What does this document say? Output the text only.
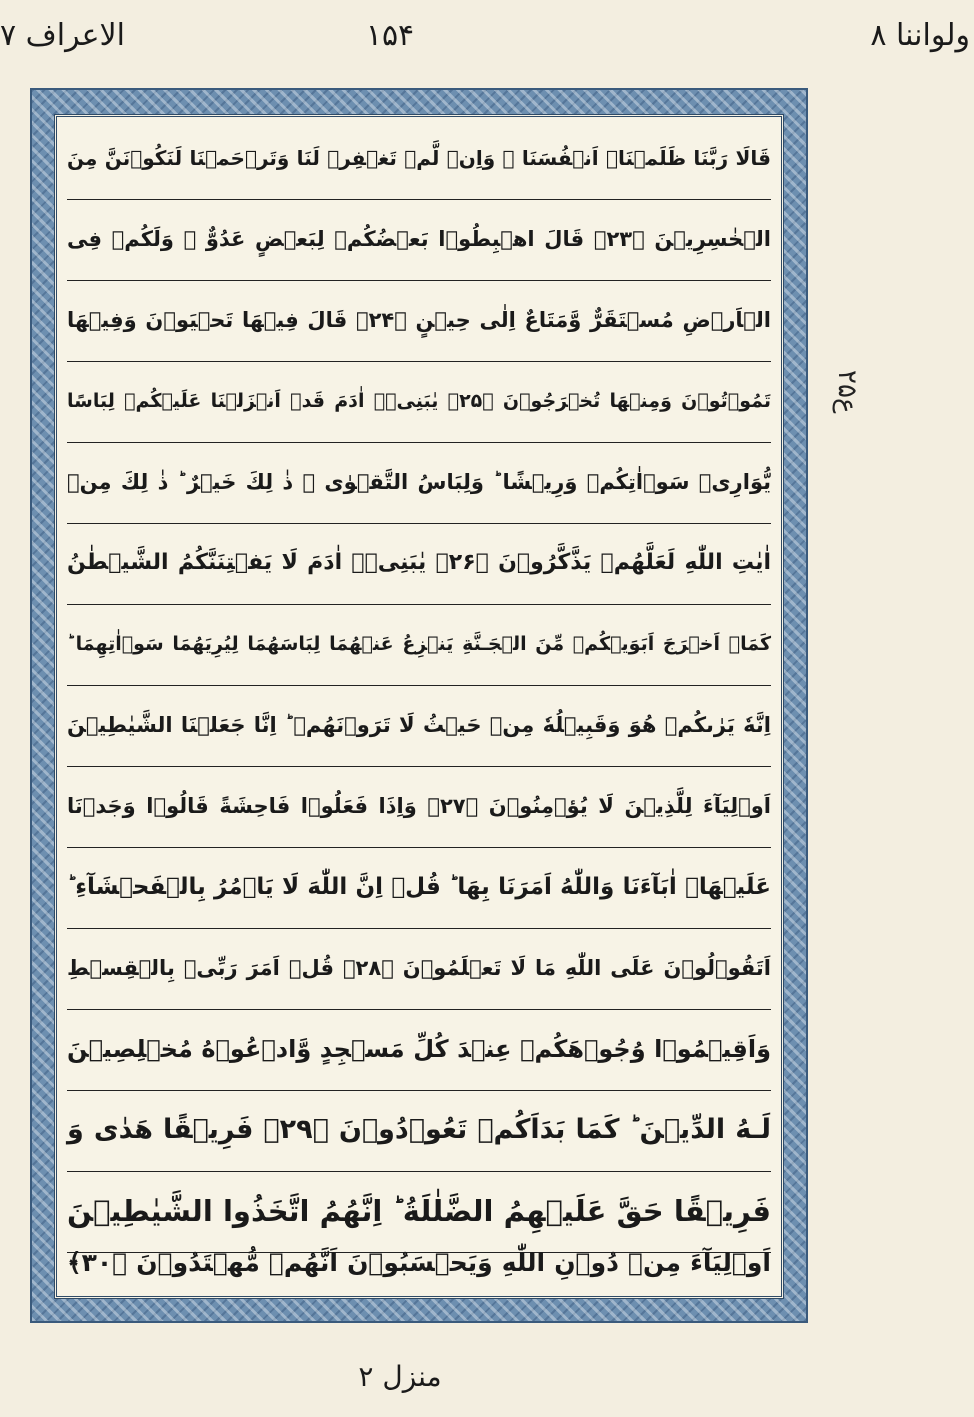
ولواننا ۸
۱۵۴
الاعراف ۷
قَالَا رَبَّنَا ظَلَمۡنَاۤ اَنۡفُسَنَا ٜ وَاِنۡ لَّمۡ تَغۡفِرۡ لَنَا وَتَرۡحَمۡنَا لَنَكُوۡنَنَّ مِنَ
الۡخٰسِرِيۡنَ ﴿۲۳﴾ قَالَ اهۡبِطُوۡا بَعۡضُكُمۡ لِبَعۡضٍ عَدُوٌّ ۚ وَلَكُمۡ فِى
الۡاَرۡضِ مُسۡتَقَرٌّ وَّمَتَاعٌ اِلٰى حِيۡنٍ ﴿۲۴﴾ قَالَ فِيۡهَا تَحۡيَوۡنَ وَفِيۡهَا
تَمُوۡتُوۡنَ وَمِنۡهَا تُخۡرَجُوۡنَ ﴿۲۵﴾ يٰبَنِىۡۤ اٰدَمَ قَدۡ اَنۡزَلۡنَا عَلَيۡكُمۡ لِبَاسًا
يُّوَارِىۡ سَوۡاٰتِكُمۡ وَرِيۡشًا ؕ وَلِبَاسُ التَّقۡوٰى ۙ ذٰ لِكَ خَيۡرٌ ؕ ذٰ لِكَ مِنۡ
اٰيٰتِ اللّٰهِ لَعَلَّهُمۡ يَذَّكَّرُوۡنَ ﴿۲۶﴾ يٰبَنِىۡۤ اٰدَمَ لَا يَفۡتِنَنَّكُمُ الشَّيۡطٰنُ
كَمَاۤ اَخۡرَجَ اَبَوَيۡكُمۡ مِّنَ الۡجَـنَّةِ يَنۡزِعُ عَنۡهُمَا لِبَاسَهُمَا لِيُرِيَهُمَا سَوۡاٰتِهِمَا ؕ
اِنَّهٗ يَرٰٮكُمۡ هُوَ وَقَبِيۡلُهٗ مِنۡ حَيۡثُ لَا تَرَوۡنَهُمۡ ؕ اِنَّا جَعَلۡنَا الشَّيٰطِيۡنَ
اَوۡلِيَآءَ لِلَّذِيۡنَ لَا يُؤۡمِنُوۡنَ ﴿۲۷﴾ وَاِذَا فَعَلُوۡا فَاحِشَةً قَالُوۡا وَجَدۡنَا
عَلَيۡهَاۤ اٰبَآءَنَا وَاللّٰهُ اَمَرَنَا بِهَا ؕ قُلۡ اِنَّ اللّٰهَ لَا يَاۡمُرُ بِالۡفَحۡشَآءِ ؕ
اَتَقُوۡلُوۡنَ عَلَى اللّٰهِ مَا لَا تَعۡلَمُوۡنَ ﴿۲۸﴾ قُلۡ اَمَرَ رَبِّىۡ بِالۡقِسۡطِ
وَاَقِيۡمُوۡا وُجُوۡهَكُمۡ عِنۡدَ كُلِّ مَسۡجِدٍ وَّادۡعُوۡهُ مُخۡلِصِيۡنَ
لَـهُ الدِّيۡنَ ؕ كَمَا بَدَاَكُمۡ تَعُوۡدُوۡنَ ﴿۲۹﴾ فَرِيۡقًا هَدٰى وَ
فَرِيۡقًا حَقَّ عَلَيۡهِمُ الضَّلٰلَةُ ؕ اِنَّهُمُ اتَّخَذُوا الشَّيٰطِيۡنَ
اَوۡلِيَآءَ مِنۡ دُوۡنِ اللّٰهِ وَيَحۡسَبُوۡنَ اَنَّهُمۡ مُّهۡتَدُوۡنَ ﴿۳۰﴾
۲ع۵
منزل ۲
